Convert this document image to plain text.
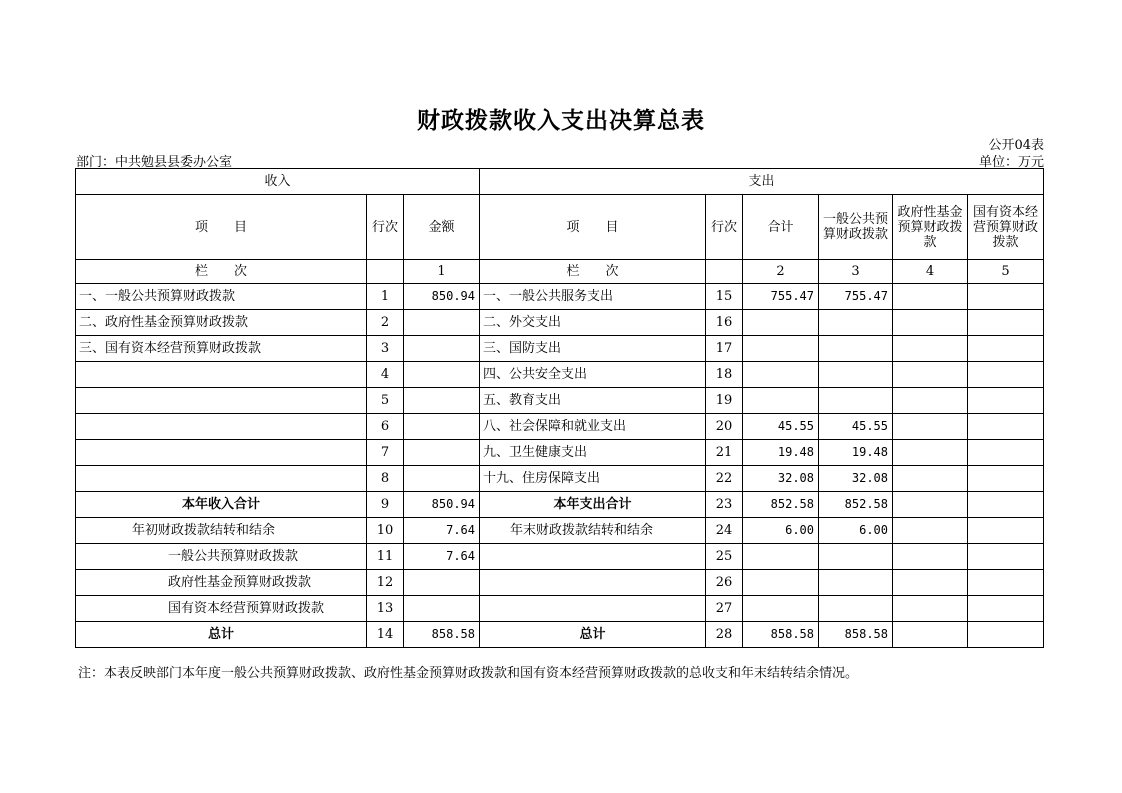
财政拨款收入支出决算总表
公开04表
部门：中共勉县县委办公室	单位：万元
收入			支出					
项　　目	行次	金额	项　　目	行次	合计	一般公共预算财政拨款	政府性基金预算财政拨款	国有资本经营预算财政拨款
栏　　次		1	栏　　次		2	3	4	5
一、一般公共预算财政拨款	1	850.94	一、一般公共服务支出	15	755.47	755.47		
二、政府性基金预算财政拨款	2		二、外交支出	16				
三、国有资本经营预算财政拨款	3		三、国防支出	17				
	4		四、公共安全支出	18				
	5		五、教育支出	19				
	6		八、社会保障和就业支出	20	45.55	45.55		
	7		九、卫生健康支出	21	19.48	19.48		
	8		十九、住房保障支出	22	32.08	32.08		
本年收入合计	9	850.94	本年支出合计	23	852.58	852.58		
年初财政拨款结转和结余	10	7.64	年末财政拨款结转和结余	24	6.00	6.00		
一般公共预算财政拨款	11	7.64		25				
政府性基金预算财政拨款	12			26				
国有资本经营预算财政拨款	13			27				
总计	14	858.58	总计	28	858.58	858.58		
注：本表反映部门本年度一般公共预算财政拨款、政府性基金预算财政拨款和国有资本经营预算财政拨款的总收支和年末结转结余情况。
